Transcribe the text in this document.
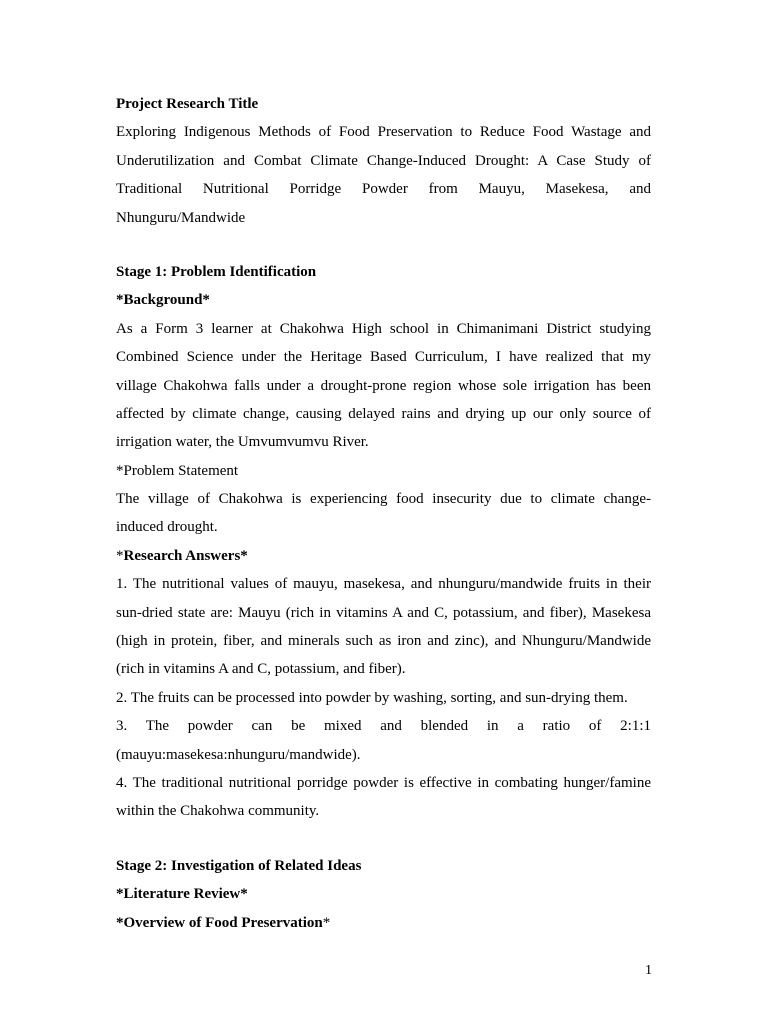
Project Research Title
Exploring Indigenous Methods of Food Preservation to Reduce Food Wastage and
Underutilization and Combat Climate Change-Induced Drought: A Case Study of
Traditional Nutritional Porridge Powder from Mauyu, Masekesa, and
Nhunguru/Mandwide
Stage 1: Problem Identification
*Background*
As a Form 3 learner at Chakohwa High school in Chimanimani District studying
Combined Science under the Heritage Based Curriculum, I have realized that my
village Chakohwa falls under a drought-prone region whose sole irrigation has been
affected by climate change, causing delayed rains and drying up our only source of
irrigation water, the Umvumvumvu River.
*Problem Statement
The village of Chakohwa is experiencing food insecurity due to climate change-
induced drought.
*Research Answers*
1. The nutritional values of mauyu, masekesa, and nhunguru/mandwide fruits in their
sun-dried state are: Mauyu (rich in vitamins A and C, potassium, and fiber), Masekesa
(high in protein, fiber, and minerals such as iron and zinc), and Nhunguru/Mandwide
(rich in vitamins A and C, potassium, and fiber).
2. The fruits can be processed into powder by washing, sorting, and sun-drying them.
3. The powder can be mixed and blended in a ratio of 2:1:1
(mauyu:masekesa:nhunguru/mandwide).
4. The traditional nutritional porridge powder is effective in combating hunger/famine
within the Chakohwa community.
Stage 2: Investigation of Related Ideas
*Literature Review*
*Overview of Food Preservation*
1
